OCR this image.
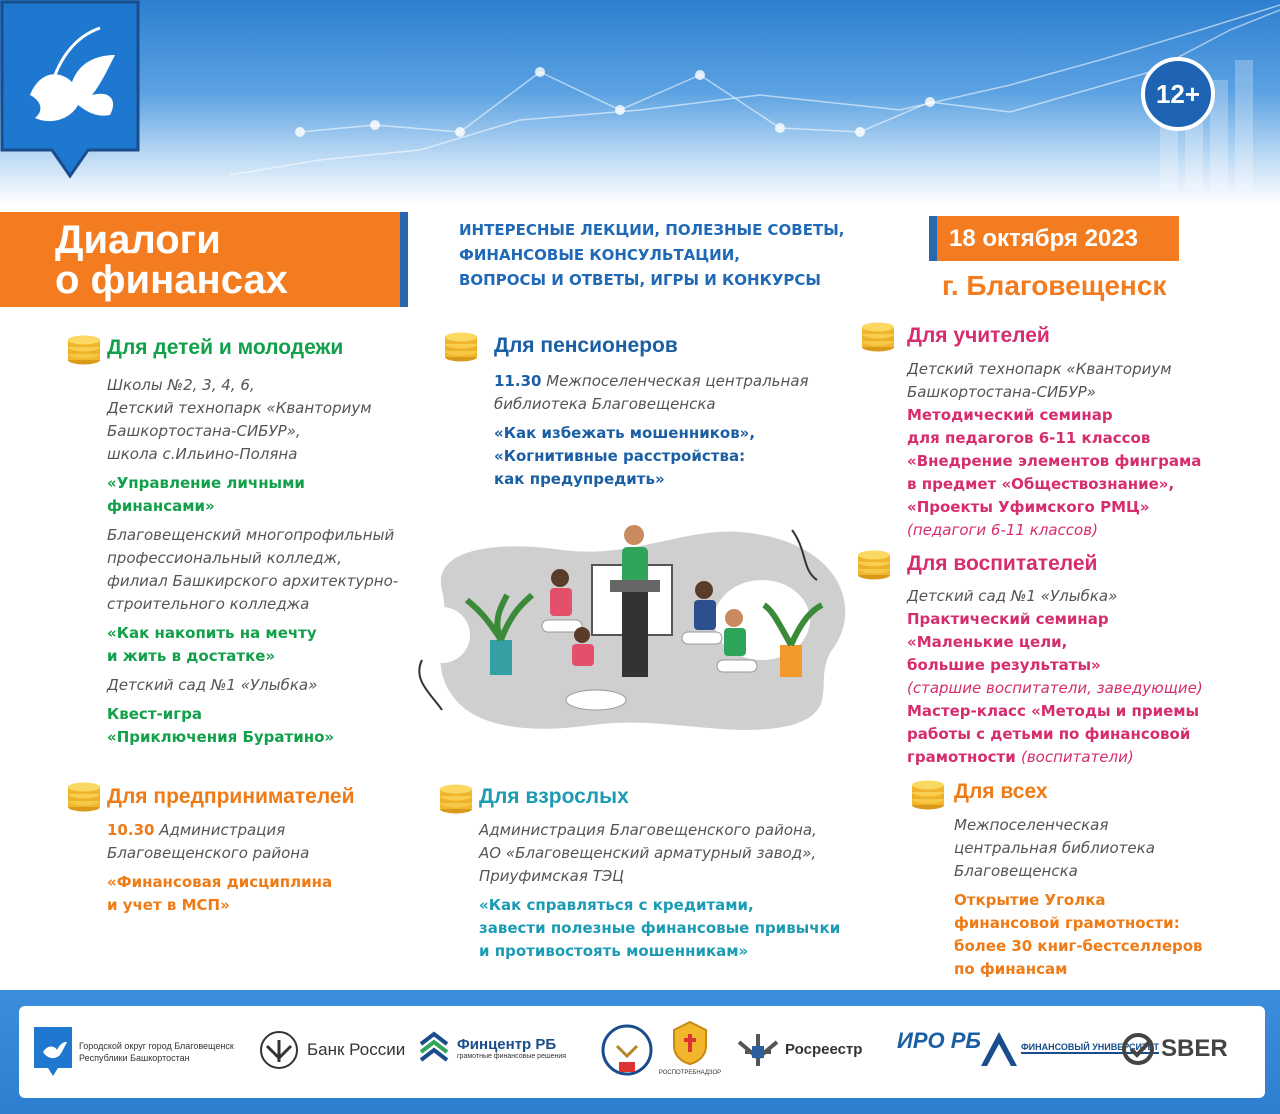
12+
Диалоги
о финансах
ИНТЕРЕСНЫЕ ЛЕКЦИИ, ПОЛЕЗНЫЕ СОВЕТЫ,
ФИНАНСОВЫЕ КОНСУЛЬТАЦИИ,
ВОПРОСЫ И ОТВЕТЫ, ИГРЫ И КОНКУРСЫ
18 октября 2023
г. Благовещенск
Для детей и молодежи
Школы №2, 3, 4, 6,
Детский технопарк «Кванториум
Башкортостана-СИБУР»,
школа с.Ильино-Поляна
«Управление личными
финансами»
Благовещенский многопрофильный
профессиональный колледж,
филиал Башкирского архитектурно-
строительного колледжа
«Как накопить на мечту
и жить в достатке»
Детский сад №1 «Улыбка»
Квест-игра
«Приключения Буратино»
Для пенсионеров
11.30 Межпоселенческая центральная
библиотека Благовещенска
«Как избежать мошенников»,
«Когнитивные расстройства:
как предупредить»
Для учителей
Детский технопарк «Кванториум
Башкортостана-СИБУР»
Методический семинар
для педагогов 6-11 классов
«Внедрение элементов финграма
в предмет «Обществознание»,
«Проекты Уфимского РМЦ»
(педагоги 6-11 классов)
Для воспитателей
Детский сад №1 «Улыбка»
Практический семинар
«Маленькие цели,
большие результаты»
(старшие воспитатели, заведующие)
Мастер-класс «Методы и приемы
работы с детьми по финансовой
грамотности (воспитатели)
Для предпринимателей
10.30 Администрация
Благовещенского района
«Финансовая дисциплина
и учет в МСП»
Для взрослых
Администрация Благовещенского района,
АО «Благовещенский арматурный завод»,
Приуфимская ТЭЦ
«Как справляться с кредитами,
завести полезные финансовые привычки
и противостоять мошенникам»
Для всех
Межпоселенческая
центральная библиотека
Благовещенска
Открытие Уголка
финансовой грамотности:
более 30 книг-бестселлеров
по финансам
Городской округ город Благовещенск
Республики Башкортостан	Банк России	Финцентр РБ
грамотные финансовые решения
РОСПОТРЕБНАДЗОР
Росреестр ИРО РБ	ФИНАНСОВЫЙ УНИВЕРСИТЕТ SBER
